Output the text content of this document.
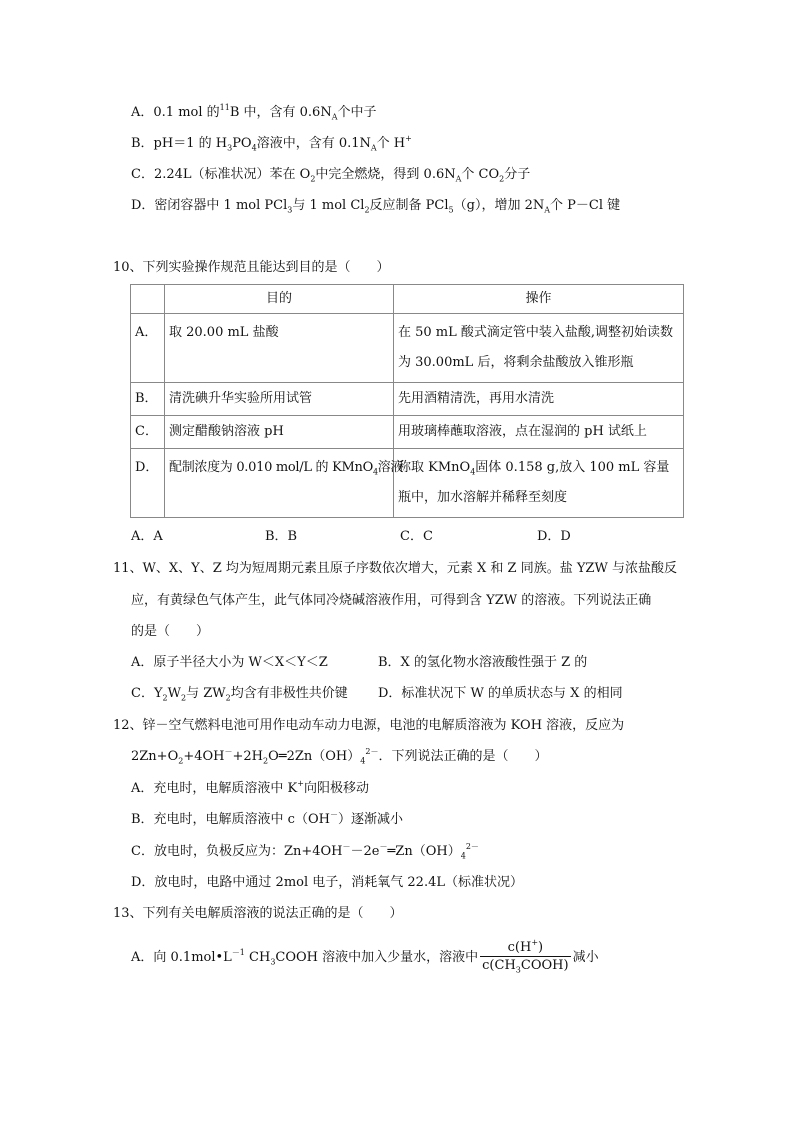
A．0.1 mol 的$^{11}$B 中，含有 $0.6N_A$个中子
B．pH＝1 的 $H_3PO_4$溶液中，含有 $0.1N_A$个 H+
C．2.24L（标准状况）苯在 $O_2$中完全燃烧，得到 $0.6N_A$个 $CO_2$分子
D．密闭容器中 1 mol PCl$_3$与 1 mol $Cl_2$反应制备 PCl$_5$（g），增加 $2N_A$个 P－Cl 键
10、下列实验操作规范且能达到目的是（　　）
	目的	操作
A．	取 20.00 mL 盐酸	在 50 mL 酸式滴定管中装入盐酸,调整初始读数为 30.00mL 后，将剩余盐酸放入锥形瓶
B．	清洗碘升华实验所用试管	先用酒精清洗，再用水清洗
C．	测定醋酸钠溶液 pH	用玻璃棒蘸取溶液，点在湿润的 pH 试纸上
D．	配制浓度为 0.010 mol/L 的 KMnO$_4$溶液	称取 KMnO$_4$固体 0.158 g,放入 100 mL 容量瓶中，加水溶解并稀释至刻度
A．A	B．B	C．C	D．D
11、W、X、Y、Z 均为短周期元素且原子序数依次增大，元素 X 和 Z 同族。盐 YZW 与浓盐酸反
应，有黄绿色气体产生，此气体同冷烧碱溶液作用，可得到含 YZW 的溶液。下列说法正确
的是（　　）
A．原子半径大小为 W＜X＜Y＜Z	B．X 的氢化物水溶液酸性强于 Z 的
C．$Y_2W_2$与 $ZW_2$均含有非极性共价键 D．标准状况下 W 的单质状态与 X 的相同
12、锌－空气燃料电池可用作电动车动力电源，电池的电解质溶液为 KOH 溶液，反应为
$2Zn+O_2+4OH^-+2H_2O═2Zn(OH)_4^{2-}$．下列说法正确的是（　　）
A．充电时，电解质溶液中 K+向阳极移动
B．充电时，电解质溶液中 c（OH－）逐渐减小
C．放电时，负极反应为：$Zn+4OH^--2e^-═Zn(OH)_4^{2-}$
D．放电时，电路中通过 2mol 电子，消耗氧气 22.4L（标准状况）
13、下列有关电解质溶液的说法正确的是（　　）
A．向 $0.1mol•L^{-1}$ $CH_3COOH$ 溶液中加入少量水，溶液中 $\frac{c(H^+)}{c(CH_3COOH)}$ 减小
